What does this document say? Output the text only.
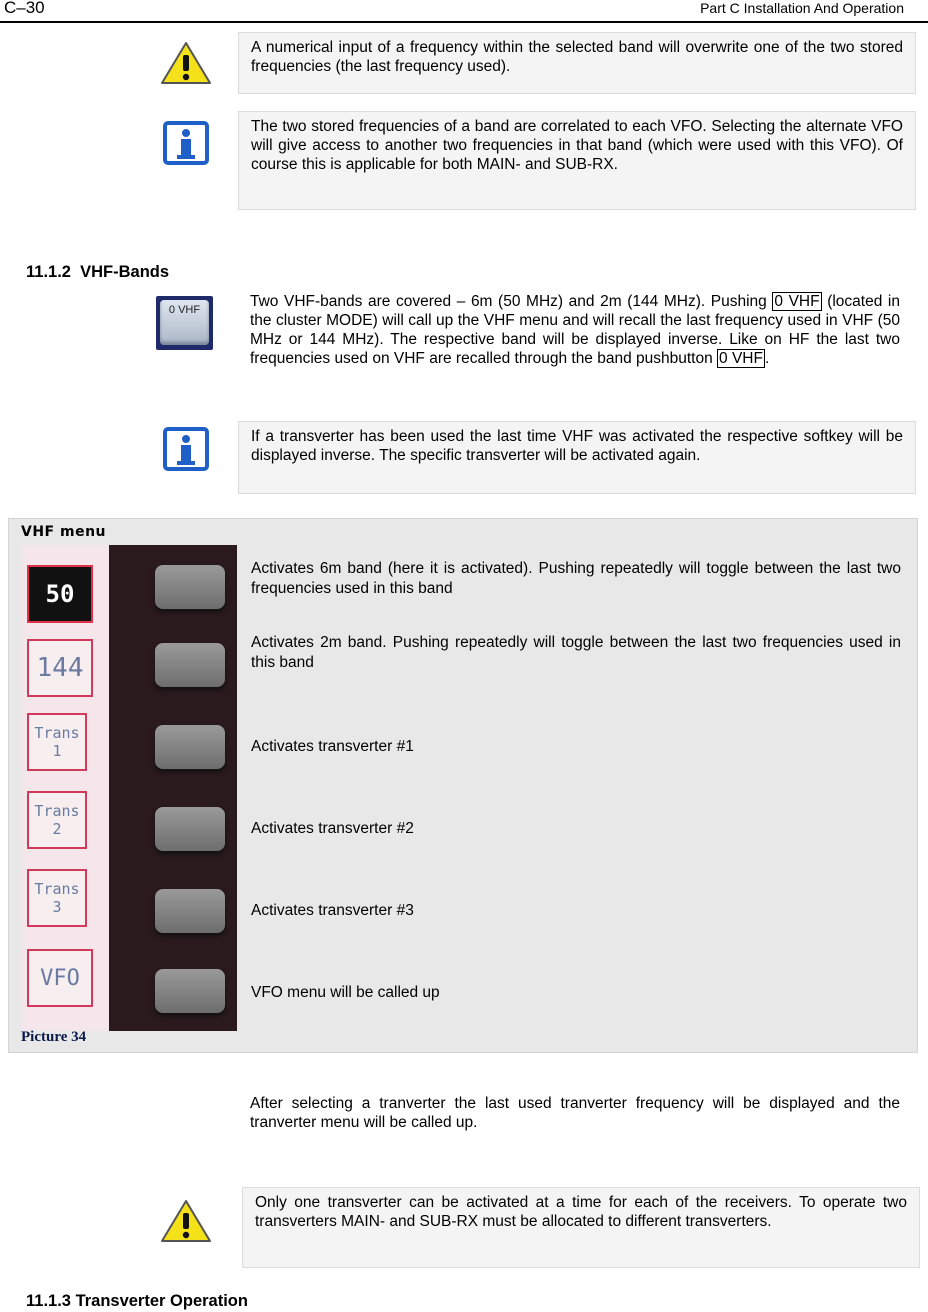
C–30	Part C Installation And Operation
A numerical input of a frequency within the selected band will overwrite one of the two stored frequencies (the last frequency used).
The two stored frequencies of a band are correlated to each VFO. Selecting the alternate VFO will give access to another two frequencies in that band (which were used with this VFO). Of course this is applicable for both MAIN- and SUB-RX.
11.1.2 VHF-Bands
0 VHF	Two VHF-bands are covered – 6m (50 MHz) and 2m (144 MHz). Pushing 0 VHF (located in the cluster MODE) will call up the VHF menu and will recall the last frequency used in VHF (50 MHz or 144 MHz). The respective band will be displayed inverse. Like on HF the last two frequencies used on VHF are recalled through the band pushbutton 0 VHF .
If a transverter has been used the last time VHF was activated the respective softkey will be displayed inverse. The specific transverter will be activated again.
VHF menu
50
144
Trans 1
Trans 2
Trans 3
VFO
Picture 34
Activates 6m band (here it is activated). Pushing repeatedly will toggle between the last two frequencies used in this band
Activates 2m band. Pushing repeatedly will toggle between the last two frequencies used in this band
Activates transverter #1
Activates transverter #2
Activates transverter #3
VFO menu will be called up
After selecting a tranverter the last used tranverter frequency will be displayed and the tranverter menu will be called up.
Only one transverter can be activated at a time for each of the receivers. To operate two transverters MAIN- and SUB-RX must be allocated to different transverters.
11.1.3 Transverter Operation
